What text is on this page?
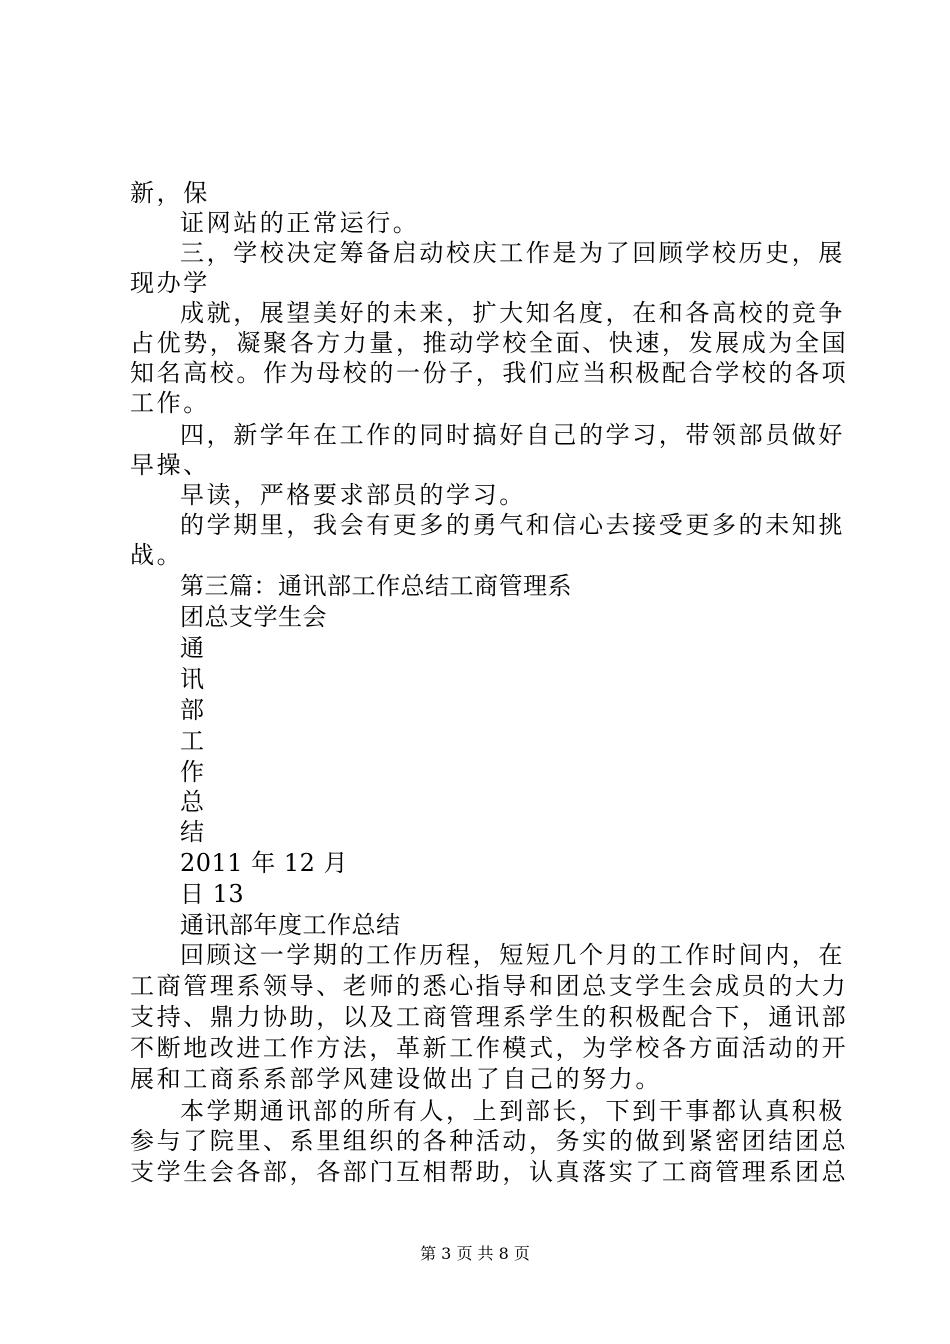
新，保
证网站的正常运行。
三，学校决定筹备启动校庆工作是为了回顾学校历史，展
现办学
成就，展望美好的未来，扩大知名度，在和各高校的竞争
占优势，凝聚各方力量，推动学校全面、快速，发展成为全国
知名高校。作为母校的一份子，我们应当积极配合学校的各项
工作。
四，新学年在工作的同时搞好自己的学习，带领部员做好
早操、
早读，严格要求部员的学习。
的学期里，我会有更多的勇气和信心去接受更多的未知挑
战。
第三篇：通讯部工作总结工商管理系
团总支学生会
通
讯
部
工
作
总
结
2011 年 12 月
日 13
通讯部年度工作总结
回顾这一学期的工作历程，短短几个月的工作时间内，在
工商管理系领导、老师的悉心指导和团总支学生会成员的大力
支持、鼎力协助，以及工商管理系学生的积极配合下，通讯部
不断地改进工作方法，革新工作模式，为学校各方面活动的开
展和工商系系部学风建设做出了自己的努力。
本学期通讯部的所有人，上到部长，下到干事都认真积极
参与了院里、系里组织的各种活动，务实的做到紧密团结团总
支学生会各部，各部门互相帮助，认真落实了工商管理系团总
第 3 页 共 8 页
